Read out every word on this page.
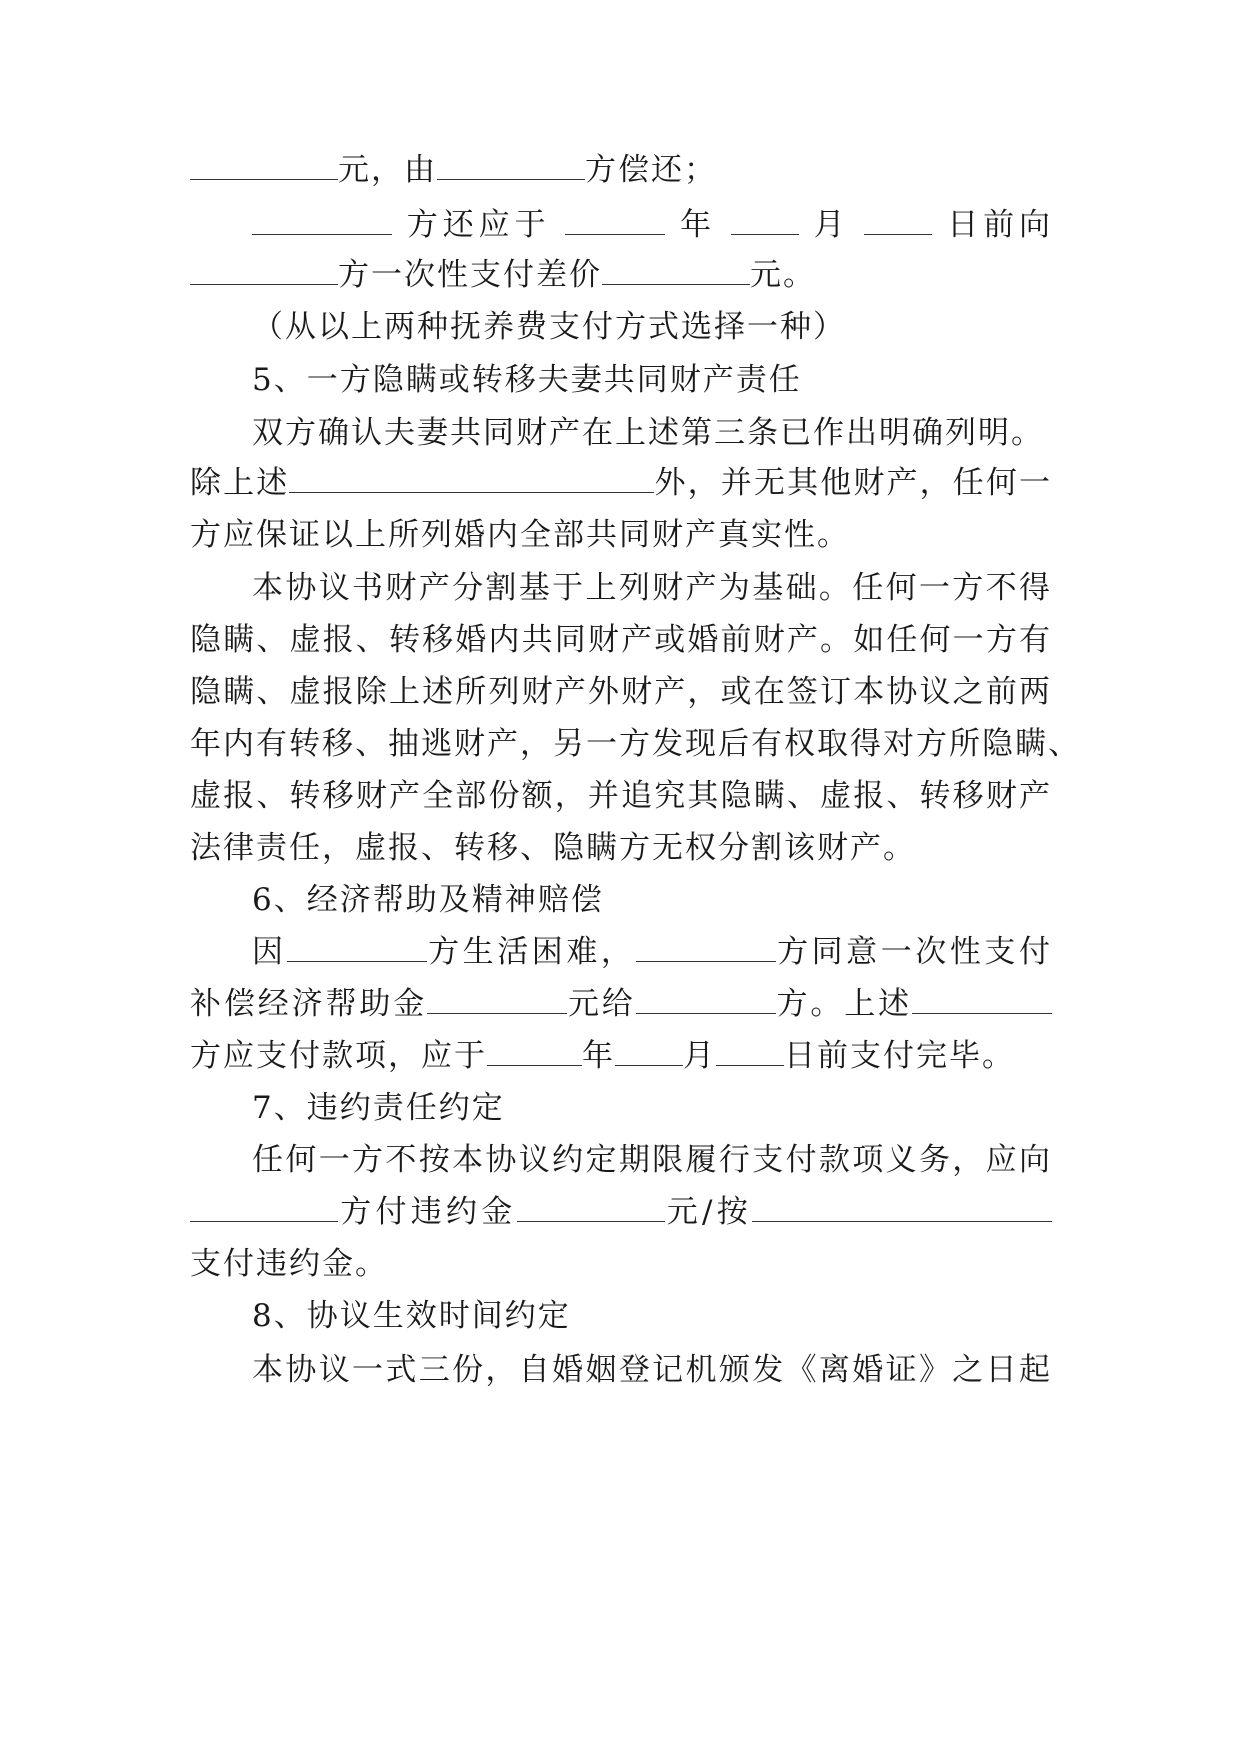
元，由	方偿还；
方还应于	年	月	日前向
方一次性支付差价	元。
（从以上两种抚养费支付方式选择一种）
5、一方隐瞒或转移夫妻共同财产责任
双方确认夫妻共同财产在上述第三条已作出明确列明。
除上述	外，并无其他财产，任何一
方应保证以上所列婚内全部共同财产真实性。
本协议书财产分割基于上列财产为基础。任何一方不得
隐瞒、虚报、转移婚内共同财产或婚前财产。如任何一方有
隐瞒、虚报除上述所列财产外财产，或在签订本协议之前两
年内有转移、抽逃财产，另一方发现后有权取得对方所隐瞒、
虚报、转移财产全部份额，并追究其隐瞒、虚报、转移财产
法律责任，虚报、转移、隐瞒方无权分割该财产。
6、经济帮助及精神赔偿
因	方生活困难，	方同意一次性支付
补偿经济帮助金	元给	方。上述
方应支付款项，应于	年 月 日前支付完毕。
7、违约责任约定
任何一方不按本协议约定期限履行支付款项义务，应向
方付违约金	元/按
支付违约金。
8、协议生效时间约定
本协议一式三份，自婚姻登记机颁发《离婚证》之日起
